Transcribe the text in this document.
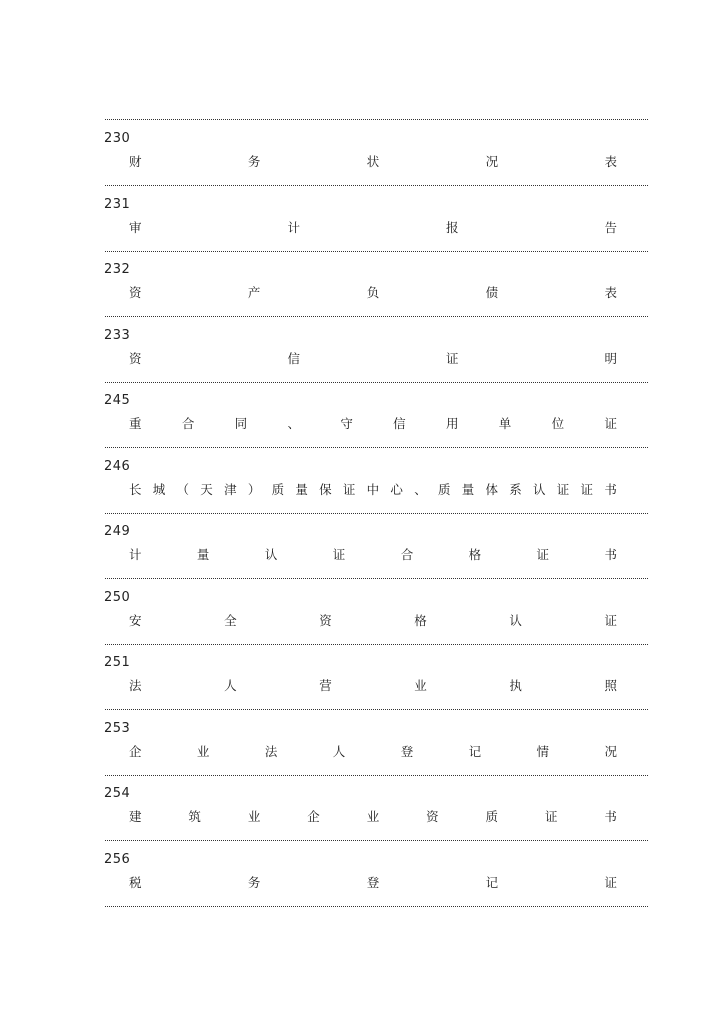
230
财	务	状	况	表
231
审	计	报	告
232
资	产	负	债	表
233
资	信	证	明
245
重	合	同	、	守	信	用	单	位	证
246
长 城 （ 天 津 ） 质 量 保 证 中 心 、 质 量 体 系 认 证 证 书
249
计	量	认	证	合	格	证	书
250
安	全	资	格	认	证
251
法	人	营	业	执	照
253
企	业	法	人	登	记	情	况
254
建	筑	业	企	业	资	质	证	书
256
税	务	登	记	证
